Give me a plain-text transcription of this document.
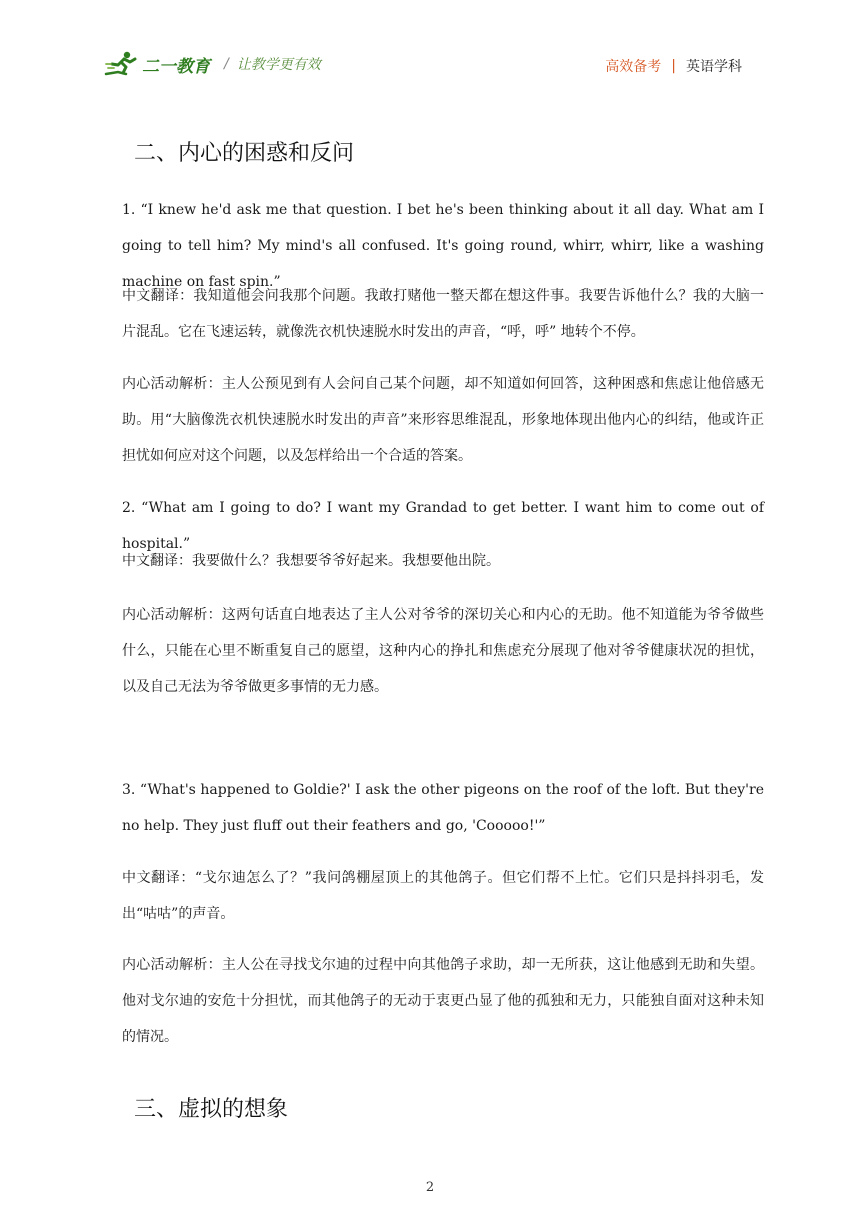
二一教育 / 让教学更有效	高效备考 | 英语学科
二、内心的困惑和反问

1. “I knew he'd ask me that question. I bet he's been thinking about it all day. What am I going to tell him? My mind's all confused. It's going round, whirr, whirr, like a washing machine on fast spin.”

中文翻译：我知道他会问我那个问题。我敢打赌他一整天都在想这件事。我要告诉他什么？我的大脑一片混乱。它在飞速运转，就像洗衣机快速脱水时发出的声音，“呼，呼” 地转个不停。

内心活动解析：主人公预见到有人会问自己某个问题，却不知道如何回答，这种困惑和焦虑让他倍感无助。用“大脑像洗衣机快速脱水时发出的声音”来形容思维混乱，形象地体现出他内心的纠结，他或许正担忧如何应对这个问题，以及怎样给出一个合适的答案。

2. “What am I going to do? I want my Grandad to get better. I want him to come out of hospital.”

中文翻译：我要做什么？我想要爷爷好起来。我想要他出院。

内心活动解析：这两句话直白地表达了主人公对爷爷的深切关心和内心的无助。他不知道能为爷爷做些什么，只能在心里不断重复自己的愿望，这种内心的挣扎和焦虑充分展现了他对爷爷健康状况的担忧，以及自己无法为爷爷做更多事情的无力感。

3. “What's happened to Goldie?' I ask the other pigeons on the roof of the loft. But they're no help. They just fluff out their feathers and go, 'Cooooo!'”

中文翻译：“戈尔迪怎么了？”我问鸽棚屋顶上的其他鸽子。但它们帮不上忙。它们只是抖抖羽毛，发出“咕咕”的声音。

内心活动解析：主人公在寻找戈尔迪的过程中向其他鸽子求助，却一无所获，这让他感到无助和失望。他对戈尔迪的安危十分担忧，而其他鸽子的无动于衷更凸显了他的孤独和无力，只能独自面对这种未知的情况。

三、虚拟的想象
2
